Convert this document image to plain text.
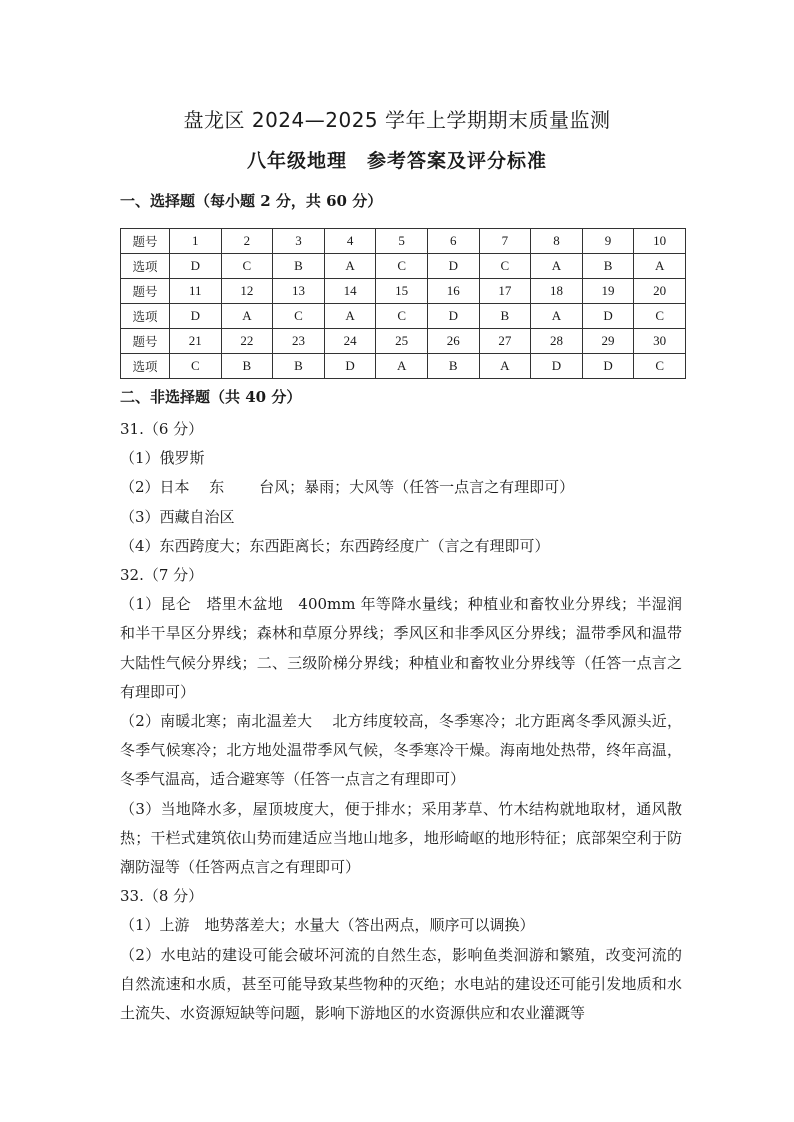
盘龙区 2024—2025 学年上学期期末质量监测
八年级地理　参考答案及评分标准
一、选择题（每小题 2 分，共 60 分）
题号	1	2	3	4	5	6	7	8	9	10
选项	D	C	B	A	C	D	C	A	B	A
题号	11	12	13	14	15	16	17	18	19	20
选项	D	A	C	A	C	D	B	A	D	C
题号	21	22	23	24	25	26	27	28	29	30
选项	C	B	B	D	A	B	A	D	D	C
二、非选择题（共 40 分）

31.（6 分）

（1）俄罗斯

（2）日本　 东　　 台风；暴雨；大风等（任答一点言之有理即可）

（3）西藏自治区

（4）东西跨度大；东西距离长；东西跨经度广（言之有理即可）

32.（7 分）

（1）昆仑　塔里木盆地　400mm 年等降水量线；种植业和畜牧业分界线；半湿润和半干旱区分界线；森林和草原分界线；季风区和非季风区分界线；温带季风和温带大陆性气候分界线；二、三级阶梯分界线；种植业和畜牧业分界线等（任答一点言之有理即可）

（2）南暖北寒；南北温差大　 北方纬度较高，冬季寒冷；北方距离冬季风源头近，冬季气候寒冷；北方地处温带季风气候，冬季寒冷干燥。海南地处热带，终年高温，冬季气温高，适合避寒等（任答一点言之有理即可）

（3）当地降水多，屋顶坡度大，便于排水；采用茅草、竹木结构就地取材，通风散热；干栏式建筑依山势而建适应当地山地多，地形崎岖的地形特征；底部架空利于防潮防湿等（任答两点言之有理即可）

33.（8 分）

（1）上游　地势落差大；水量大（答出两点，顺序可以调换）

（2）水电站的建设可能会破坏河流的自然生态，影响鱼类洄游和繁殖，改变河流的自然流速和水质，甚至可能导致某些物种的灭绝；水电站的建设还可能引发地质和水土流失、水资源短缺等问题，影响下游地区的水资源供应和农业灌溉等
